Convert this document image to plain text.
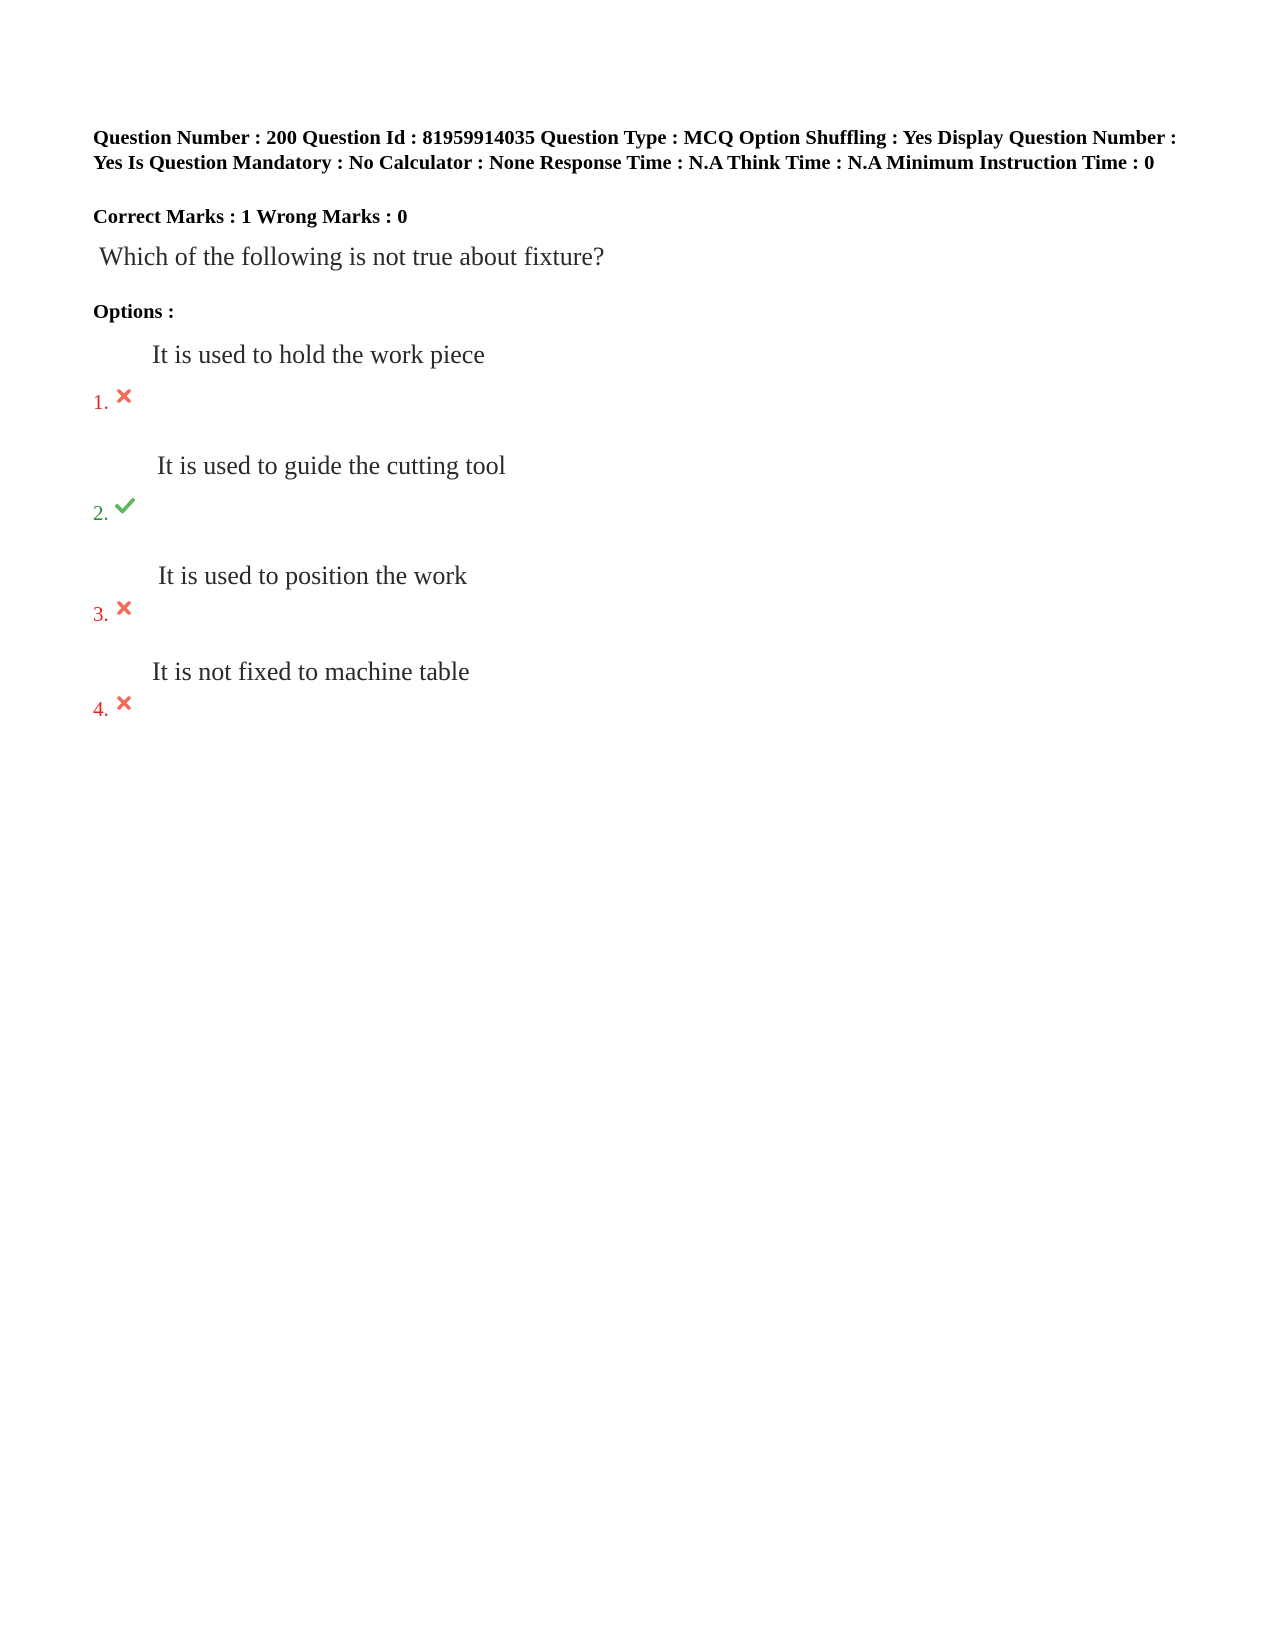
Question Number : 200 Question Id : 81959914035 Question Type : MCQ Option Shuffling : Yes Display Question Number : Yes Is Question Mandatory : No Calculator : None Response Time : N.A Think Time : N.A Minimum Instruction Time : 0

Correct Marks : 1 Wrong Marks : 0
Which of the following is not true about fixture?
Options :
It is used to hold the work piece
1.
It is used to guide the cutting tool
2.
It is used to position the work
3.
It is not fixed to machine table
4.
